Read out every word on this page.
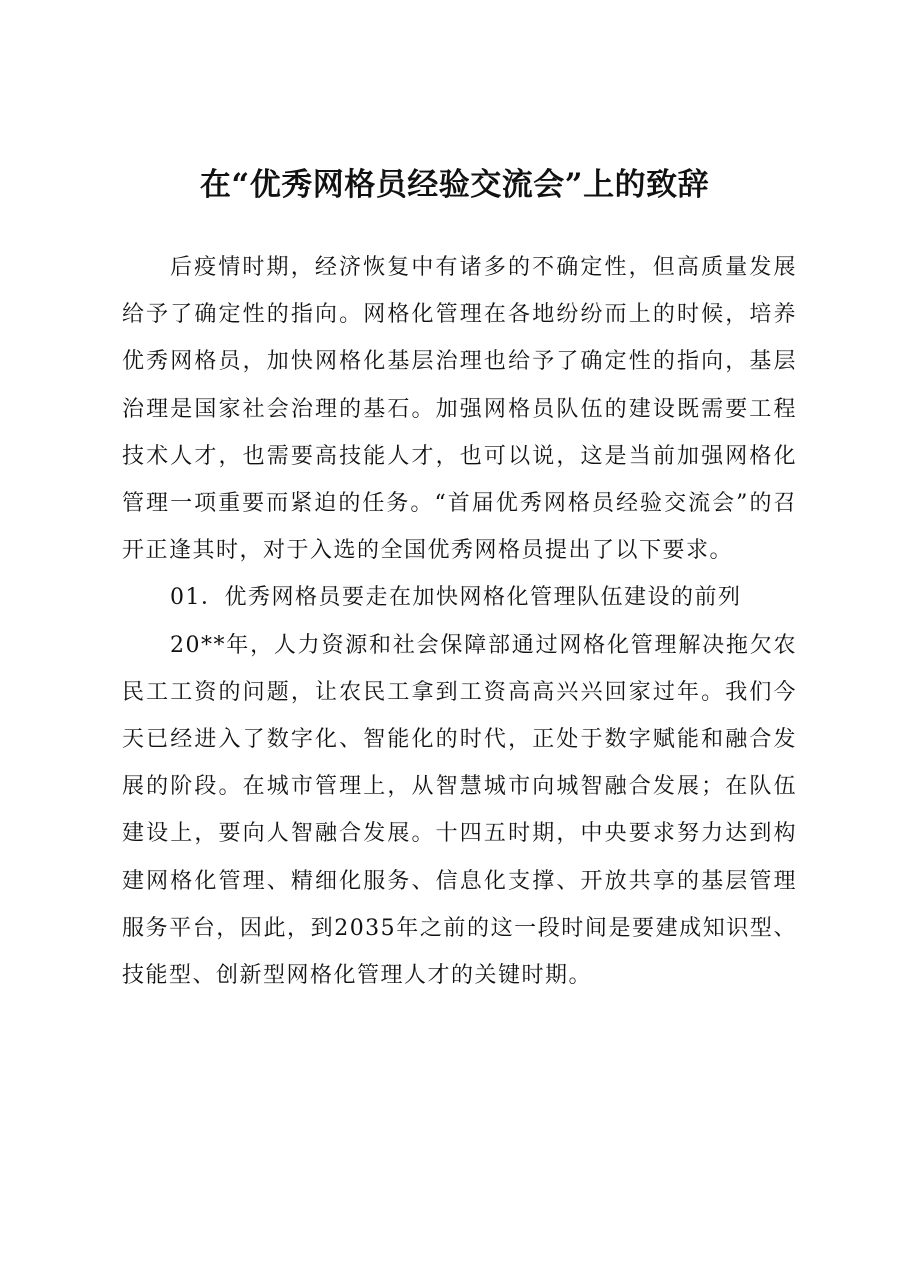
在“优秀网格员经验交流会”上的致辞

后疫情时期，经济恢复中有诸多的不确定性，但高质量发展给予了确定性的指向。网格化管理在各地纷纷而上的时候，培养优秀网格员，加快网格化基层治理也给予了确定性的指向，基层治理是国家社会治理的基石。加强网格员队伍的建设既需要工程技术人才，也需要高技能人才，也可以说，这是当前加强网格化管理一项重要而紧迫的任务。“首届优秀网格员经验交流会”的召开正逢其时，对于入选的全国优秀网格员提出了以下要求。

01．优秀网格员要走在加快网格化管理队伍建设的前列

20**年，人力资源和社会保障部通过网格化管理解决拖欠农民工工资的问题，让农民工拿到工资高高兴兴回家过年。我们今天已经进入了数字化、智能化的时代，正处于数字赋能和融合发展的阶段。在城市管理上，从智慧城市向城智融合发展；在队伍建设上，要向人智融合发展。十四五时期，中央要求努力达到构建网格化管理、精细化服务、信息化支撑、开放共享的基层管理服务平台，因此，到2035年之前的这一段时间是要建成知识型、技能型、创新型网格化管理人才的关键时期。
